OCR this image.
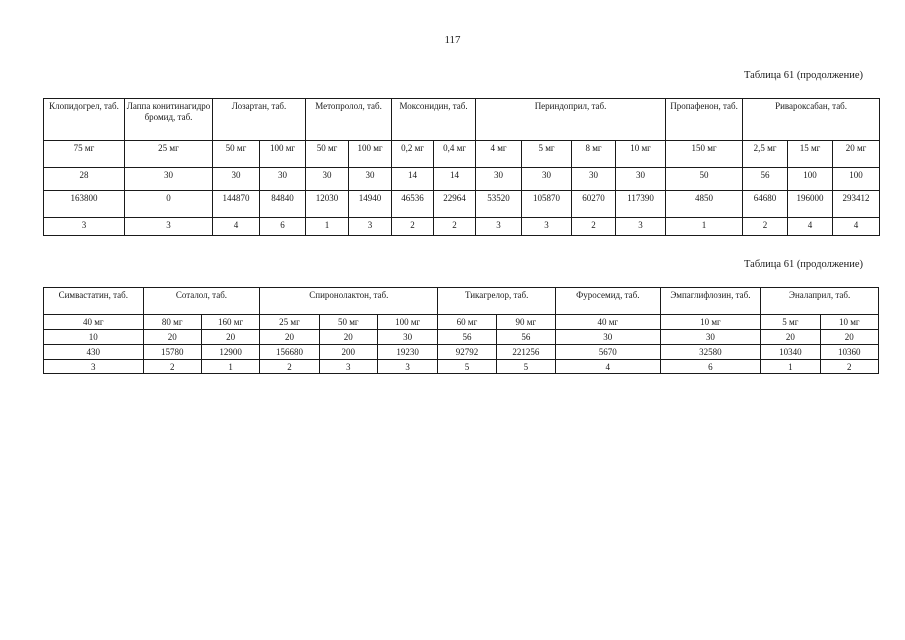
117
Таблица 61 (продолжение)
Клопидогрел, таб.	Лаппа конитинагидро бромид, таб.	Лозартан, таб.		Метопролол, таб.		Моксонидин, таб.		Периндоприл, таб.				Пропафенон, таб.	Ривароксабан, таб.		
75 мг	25 мг	50 мг	100 мг	50 мг	100 мг	0,2 мг	0,4 мг	4 мг	5 мг	8 мг	10 мг	150 мг	2,5 мг	15 мг	20 мг
28	30	30	30	30	30	14	14	30	30	30	30	50	56	100	100
163800	0	144870	84840	12030	14940	46536	22964	53520	105870	60270	117390	4850	64680	196000	293412
3	3	4	6	1	3	2	2	3	3	2	3	1	2	4	4
Таблица 61 (продолжение)
Симвастатин, таб.	Соталол, таб.		Спиронолактон, таб.			Тикагрелор, таб.		Фуросемид, таб.	Эмпаглифлозин, таб.	Эналаприл, таб.	
40 мг	80 мг	160 мг	25 мг	50 мг	100 мг	60 мг	90 мг	40 мг	10 мг	5 мг	10 мг
10	20	20	20	20	30	56	56	30	30	20	20
430	15780	12900	156680	200	19230	92792	221256	5670	32580	10340	10360
3	2	1	2	3	3	5	5	4	6	1	2
